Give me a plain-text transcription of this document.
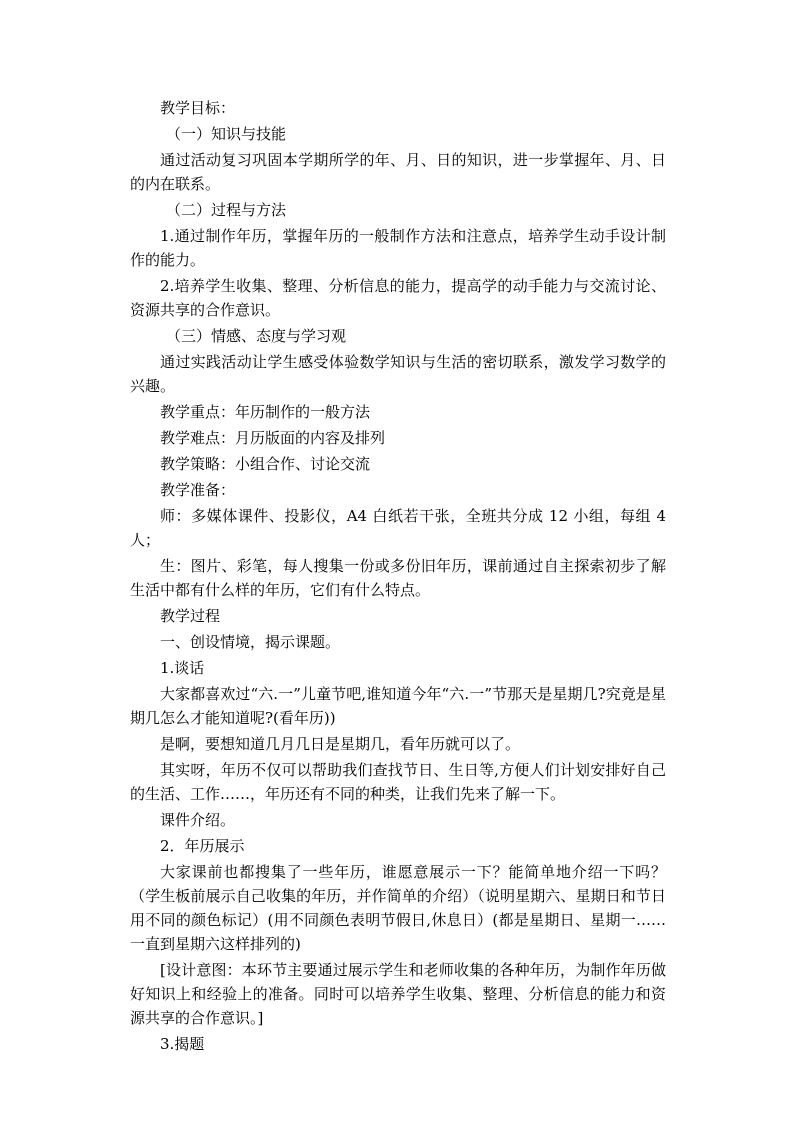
教学目标：

（一）知识与技能

通过活动复习巩固本学期所学的年、月、日的知识，进一步掌握年、月、日的内在联系。

（二）过程与方法

1.通过制作年历，掌握年历的一般制作方法和注意点，培养学生动手设计制作的能力。

2.培养学生收集、整理、分析信息的能力，提高学的动手能力与交流讨论、资源共享的合作意识。

（三）情感、态度与学习观

通过实践活动让学生感受体验数学知识与生活的密切联系，激发学习数学的兴趣。

教学重点：年历制作的一般方法

教学难点：月历版面的内容及排列

教学策略：小组合作、讨论交流

教学准备：

师：多媒体课件、投影仪，A4 白纸若干张，全班共分成 12 小组，每组 4 人；

生：图片、彩笔，每人搜集一份或多份旧年历，课前通过自主探索初步了解生活中都有什么样的年历，它们有什么特点。

教学过程

一、创设情境，揭示课题。

1.谈话

大家都喜欢过“六.一”儿童节吧,谁知道今年“六.一”节那天是星期几?究竟是星期几怎么才能知道呢?(看年历))

是啊，要想知道几月几日是星期几，看年历就可以了。

其实呀，年历不仅可以帮助我们查找节日、生日等,方便人们计划安排好自己的生活、工作……，年历还有不同的种类，让我们先来了解一下。

课件介绍。

2．年历展示

大家课前也都搜集了一些年历，谁愿意展示一下？能简单地介绍一下吗？（学生板前展示自己收集的年历，并作简单的介绍）（说明星期六、星期日和节日用不同的颜色标记）(用不同颜色表明节假日,休息日）(都是星期日、星期一……一直到星期六这样排列的)

[设计意图：本环节主要通过展示学生和老师收集的各种年历，为制作年历做好知识上和经验上的准备。同时可以培养学生收集、整理、分析信息的能力和资源共享的合作意识。]

3.揭题
